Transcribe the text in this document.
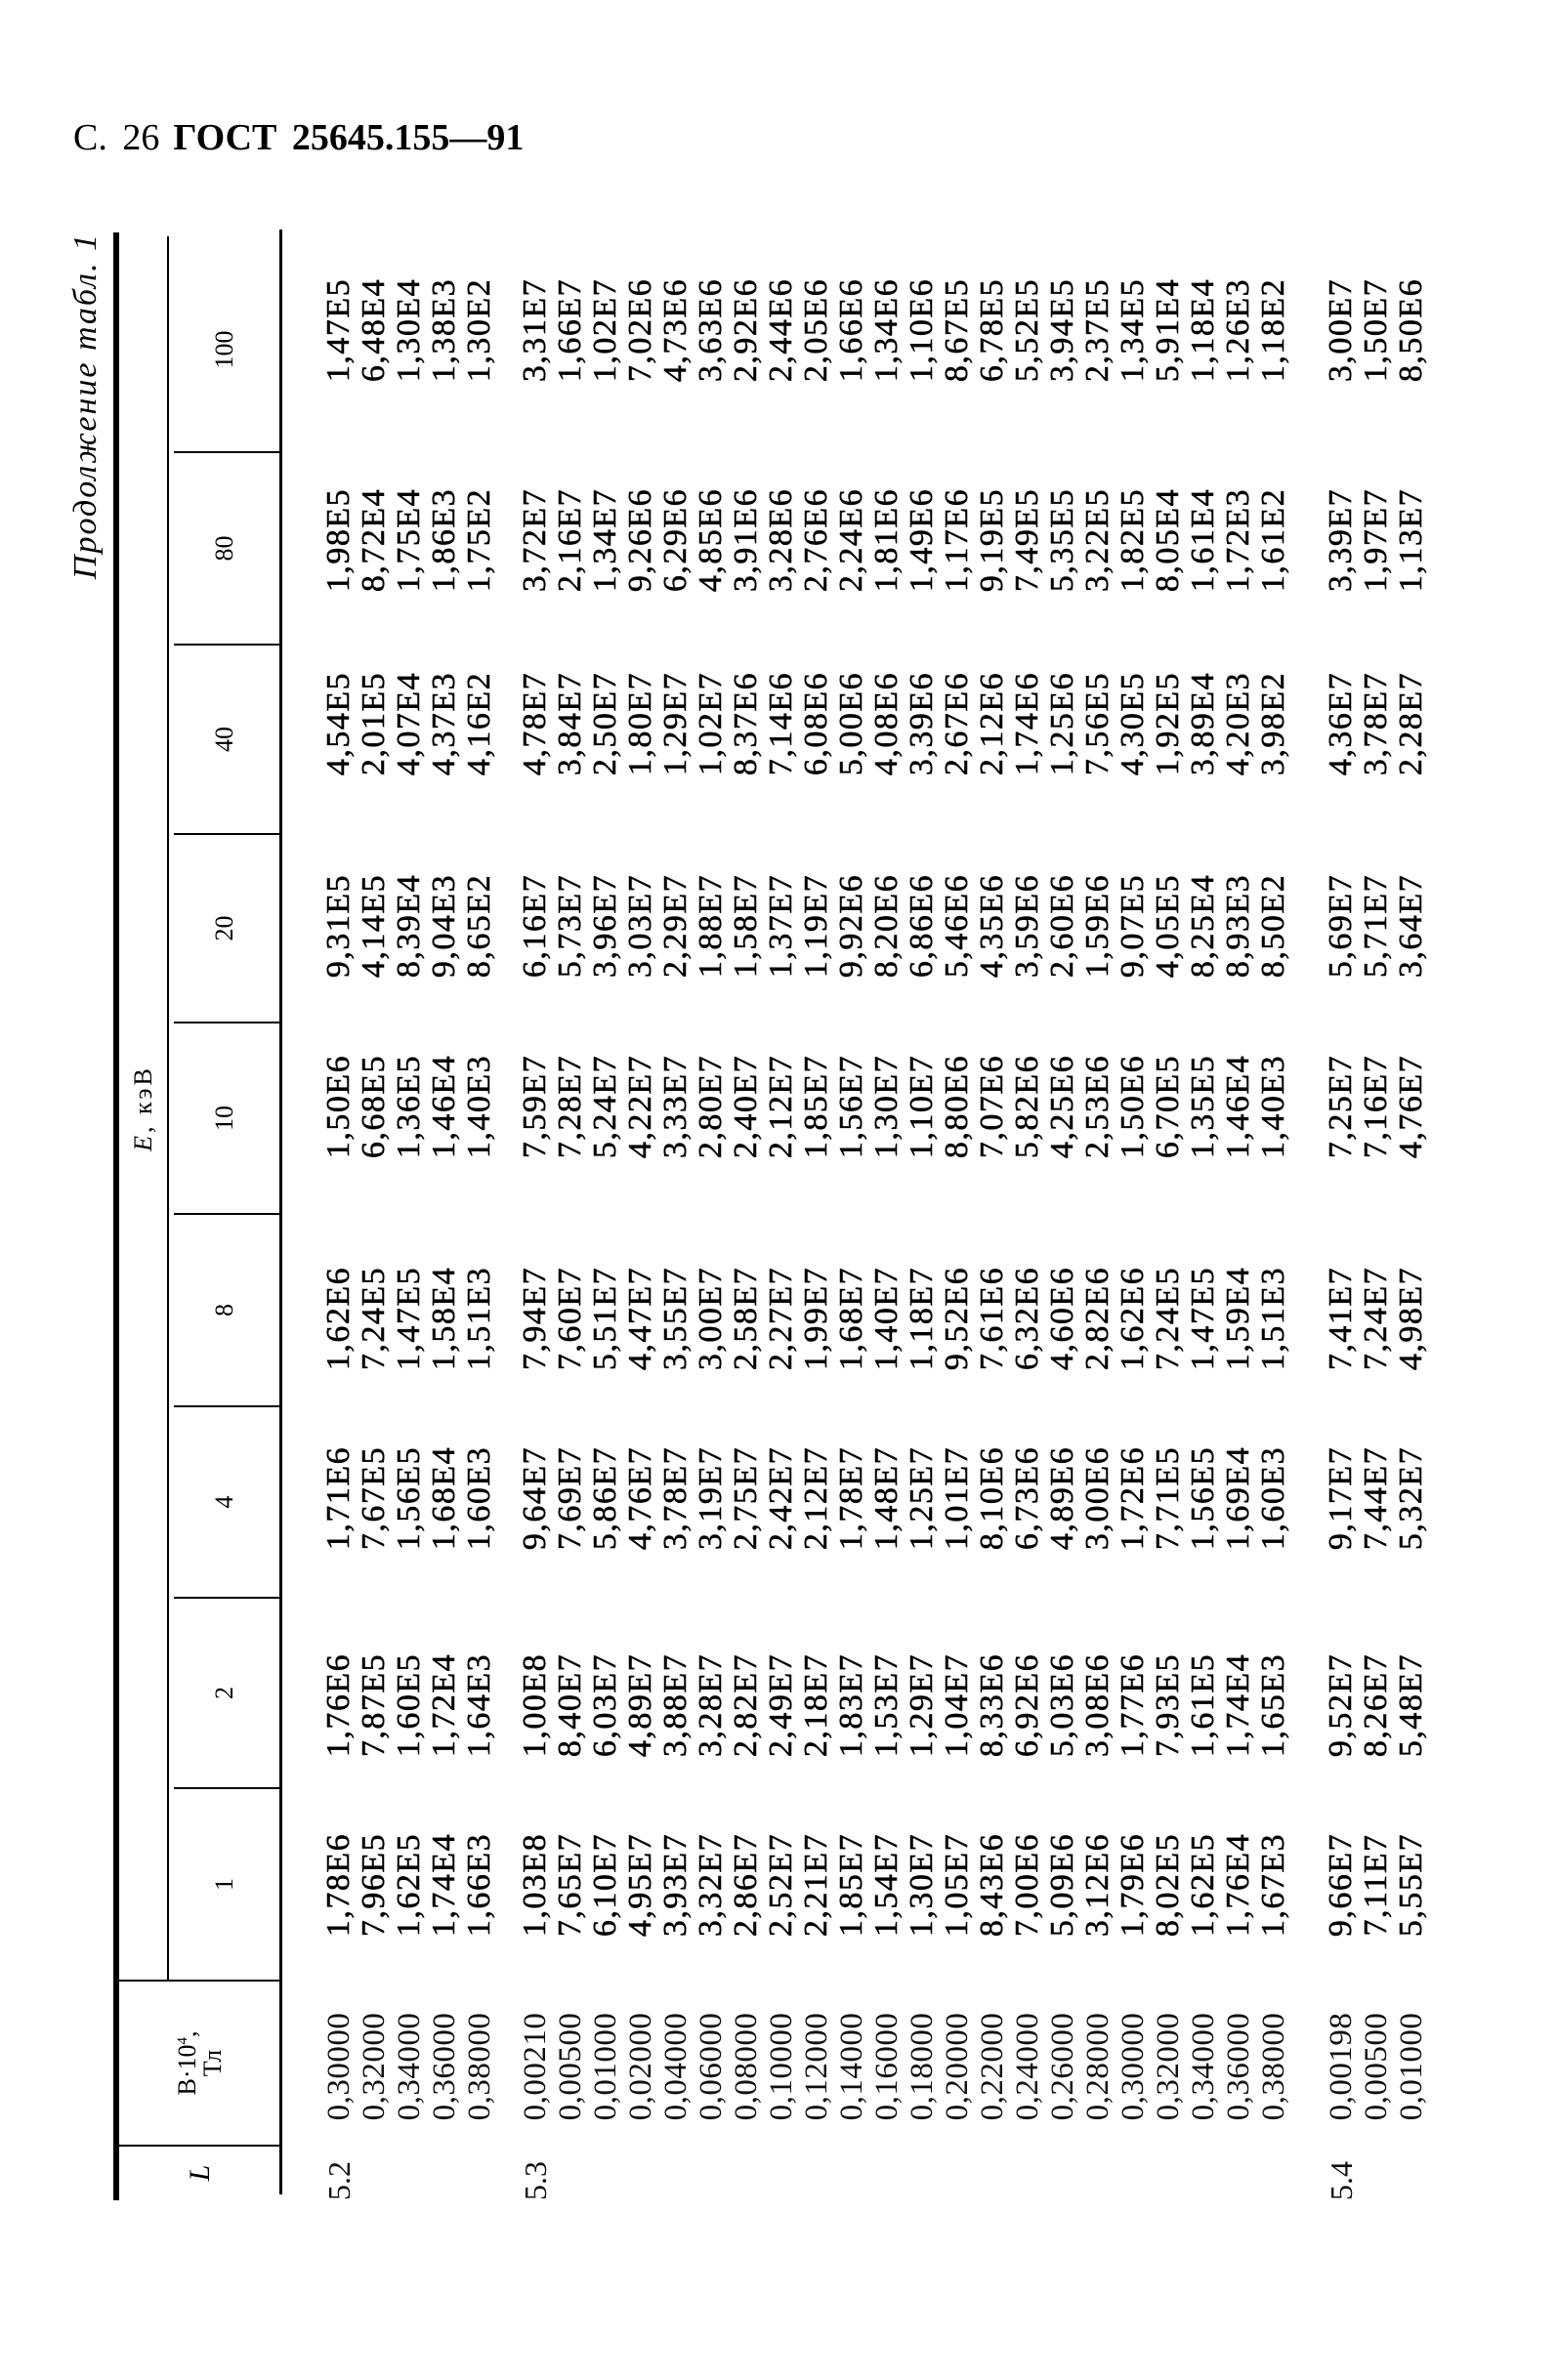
С. 26 ГОСТ 25645.155—91
Продолжение табл. 1
L
$B\cdot 10^4$,
Тл
E
, кэВ
1
2
4
8
10
20
40
80
100
5.2
0,30000
1,78E6
1,76E6
1,71E6
1,62E6
1,50E6
9,31E5
4,54E5
1,98E5
1,47E5
0,32000
7,96E5
7,87E5
7,67E5
7,24E5
6,68E5
4,14E5
2,01E5
8,72E4
6,48E4
0,34000
1,62E5
1,60E5
1,56E5
1,47E5
1,36E5
8,39E4
4,07E4
1,75E4
1,30E4
0,36000
1,74E4
1,72E4
1,68E4
1,58E4
1,46E4
9,04E3
4,37E3
1,86E3
1,38E3
0,38000
1,66E3
1,64E3
1,60E3
1,51E3
1,40E3
8,65E2
4,16E2
1,75E2
1,30E2
5.3
0,00210
1,03E8
1,00E8
9,64E7
7,94E7
7,59E7
6,16E7
4,78E7
3,72E7
3,31E7
0,00500
7,65E7
8,40E7
7,69E7
7,60E7
7,28E7
5,73E7
3,84E7
2,16E7
1,66E7
0,01000
6,10E7
6,03E7
5,86E7
5,51E7
5,24E7
3,96E7
2,50E7
1,34E7
1,02E7
0,02000
4,95E7
4,89E7
4,76E7
4,47E7
4,22E7
3,03E7
1,80E7
9,26E6
7,02E6
0,04000
3,93E7
3,88E7
3,78E7
3,55E7
3,33E7
2,29E7
1,29E7
6,29E6
4,73E6
0,06000
3,32E7
3,28E7
3,19E7
3,00E7
2,80E7
1,88E7
1,02E7
4,85E6
3,63E6
0,08000
2,86E7
2,82E7
2,75E7
2,58E7
2,40E7
1,58E7
8,37E6
3,91E6
2,92E6
0,10000
2,52E7
2,49E7
2,42E7
2,27E7
2,12E7
1,37E7
7,14E6
3,28E6
2,44E6
0,12000
2,21E7
2,18E7
2,12E7
1,99E7
1,85E7
1,19E7
6,08E6
2,76E6
2,05E6
0,14000
1,85E7
1,83E7
1,78E7
1,68E7
1,56E7
9,92E6
5,00E6
2,24E6
1,66E6
0,16000
1,54E7
1,53E7
1,48E7
1,40E7
1,30E7
8,20E6
4,08E6
1,81E6
1,34E6
0,18000
1,30E7
1,29E7
1,25E7
1,18E7
1,10E7
6,86E6
3,39E6
1,49E6
1,10E6
0,20000
1,05E7
1,04E7
1,01E7
9,52E6
8,80E6
5,46E6
2,67E6
1,17E6
8,67E5
0,22000
8,43E6
8,33E6
8,10E6
7,61E6
7,07E6
4,35E6
2,12E6
9,19E5
6,78E5
0,24000
7,00E6
6,92E6
6,73E6
6,32E6
5,82E6
3,59E6
1,74E6
7,49E5
5,52E5
0,26000
5,09E6
5,03E6
4,89E6
4,60E6
4,25E6
2,60E6
1,25E6
5,35E5
3,94E5
0,28000
3,12E6
3,08E6
3,00E6
2,82E6
2,53E6
1,59E6
7,56E5
3,22E5
2,37E5
0,30000
1,79E6
1,77E6
1,72E6
1,62E6
1,50E6
9,07E5
4,30E5
1,82E5
1,34E5
0,32000
8,02E5
7,93E5
7,71E5
7,24E5
6,70E5
4,05E5
1,92E5
8,05E4
5,91E4
0,34000
1,62E5
1,61E5
1,56E5
1,47E5
1,35E5
8,25E4
3,89E4
1,61E4
1,18E4
0,36000
1,76E4
1,74E4
1,69E4
1,59E4
1,46E4
8,93E3
4,20E3
1,72E3
1,26E3
0,38000
1,67E3
1,65E3
1,60E3
1,51E3
1,40E3
8,50E2
3,98E2
1,61E2
1,18E2
5.4
0,00198
9,66E7
9,52E7
9,17E7
7,41E7
7,25E7
5,69E7
4,36E7
3,39E7
3,00E7
0,00500
7,11E7
8,26E7
7,44E7
7,24E7
7,16E7
5,71E7
3,78E7
1,97E7
1,50E7
0,01000
5,55E7
5,48E7
5,32E7
4,98E7
4,76E7
3,64E7
2,28E7
1,13E7
8,50E6
